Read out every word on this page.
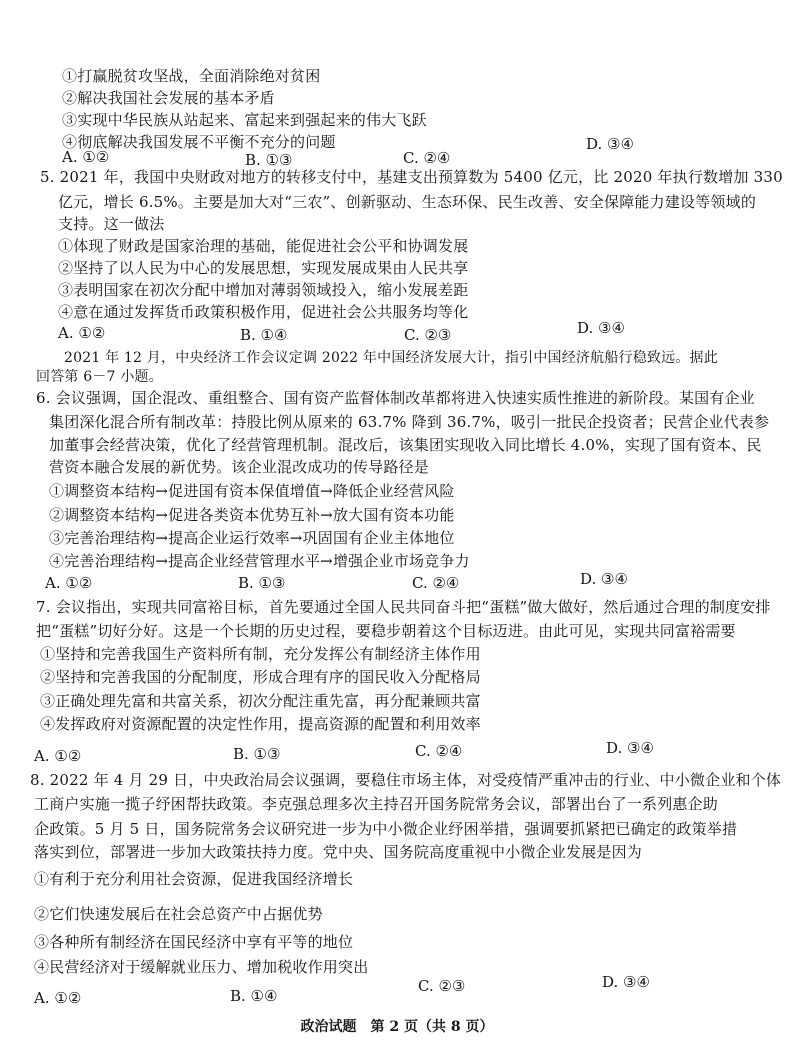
①打赢脱贫攻坚战，全面消除绝对贫困
②解决我国社会发展的基本矛盾
③实现中华民族从站起来、富起来到强起来的伟大飞跃
④彻底解决我国发展不平衡不充分的问题
A. ①②	B. ①③	C. ②④
D. ③④
5. 2021 年，我国中央财政对地方的转移支付中，基建支出预算数为 5400 亿元，比 2020 年执行数增加 330
亿元，增长 6.5%。主要是加大对“三农”、创新驱动、生态环保、民生改善、安全保障能力建设等领域的
支持。这一做法
①体现了财政是国家治理的基础，能促进社会公平和协调发展
②坚持了以人民为中心的发展思想，实现发展成果由人民共享
③表明国家在初次分配中增加对薄弱领域投入，缩小发展差距
④意在通过发挥货币政策积极作用，促进社会公共服务均等化
A. ①②	B. ①④	C. ②③	D. ③④
2021 年 12 月，中央经济工作会议定调 2022 年中国经济发展大计，指引中国经济航船行稳致远。据此
回答第 6－7 小题。
6. 会议强调，国企混改、重组整合、国有资产监督体制改革都将进入快速实质性推进的新阶段。某国有企业
集团深化混合所有制改革：持股比例从原来的 63.7% 降到 36.7%，吸引一批民企投资者；民营企业代表参
加董事会经营决策，优化了经营管理机制。混改后，该集团实现收入同比增长 4.0%，实现了国有资本、民
营资本融合发展的新优势。该企业混改成功的传导路径是
①调整资本结构→促进国有资本保值增值→降低企业经营风险
②调整资本结构→促进各类资本优势互补→放大国有资本功能
③完善治理结构→提高企业运行效率→巩固国有企业主体地位
④完善治理结构→提高企业经营管理水平→增强企业市场竞争力
A. ①②	B. ①③	C. ②④	D. ③④
7. 会议指出，实现共同富裕目标，首先要通过全国人民共同奋斗把“蛋糕”做大做好，然后通过合理的制度安排
把“蛋糕”切好分好。这是一个长期的历史过程，要稳步朝着这个目标迈进。由此可见，实现共同富裕需要
①坚持和完善我国生产资料所有制，充分发挥公有制经济主体作用
②坚持和完善我国的分配制度，形成合理有序的国民收入分配格局
③正确处理先富和共富关系，初次分配注重先富，再分配兼顾共富
④发挥政府对资源配置的决定性作用，提高资源的配置和利用效率
A. ①②	B. ①③	C. ②④	D. ③④
8. 2022 年 4 月 29 日，中央政治局会议强调，要稳住市场主体，对受疫情严重冲击的行业、中小微企业和个体
工商户实施一揽子纾困帮扶政策。李克强总理多次主持召开国务院常务会议，部署出台了一系列惠企助
企政策。5 月 5 日，国务院常务会议研究进一步为中小微企业纾困举措，强调要抓紧把已确定的政策举措
落实到位，部署进一步加大政策扶持力度。党中央、国务院高度重视中小微企业发展是因为
①有利于充分利用社会资源，促进我国经济增长
②它们快速发展后在社会总资产中占据优势
③各种所有制经济在国民经济中享有平等的地位
④民营经济对于缓解就业压力、增加税收作用突出
A. ①②	B. ①④
C. ②③	D. ③④
政治试题　第 2 页（共 8 页）
